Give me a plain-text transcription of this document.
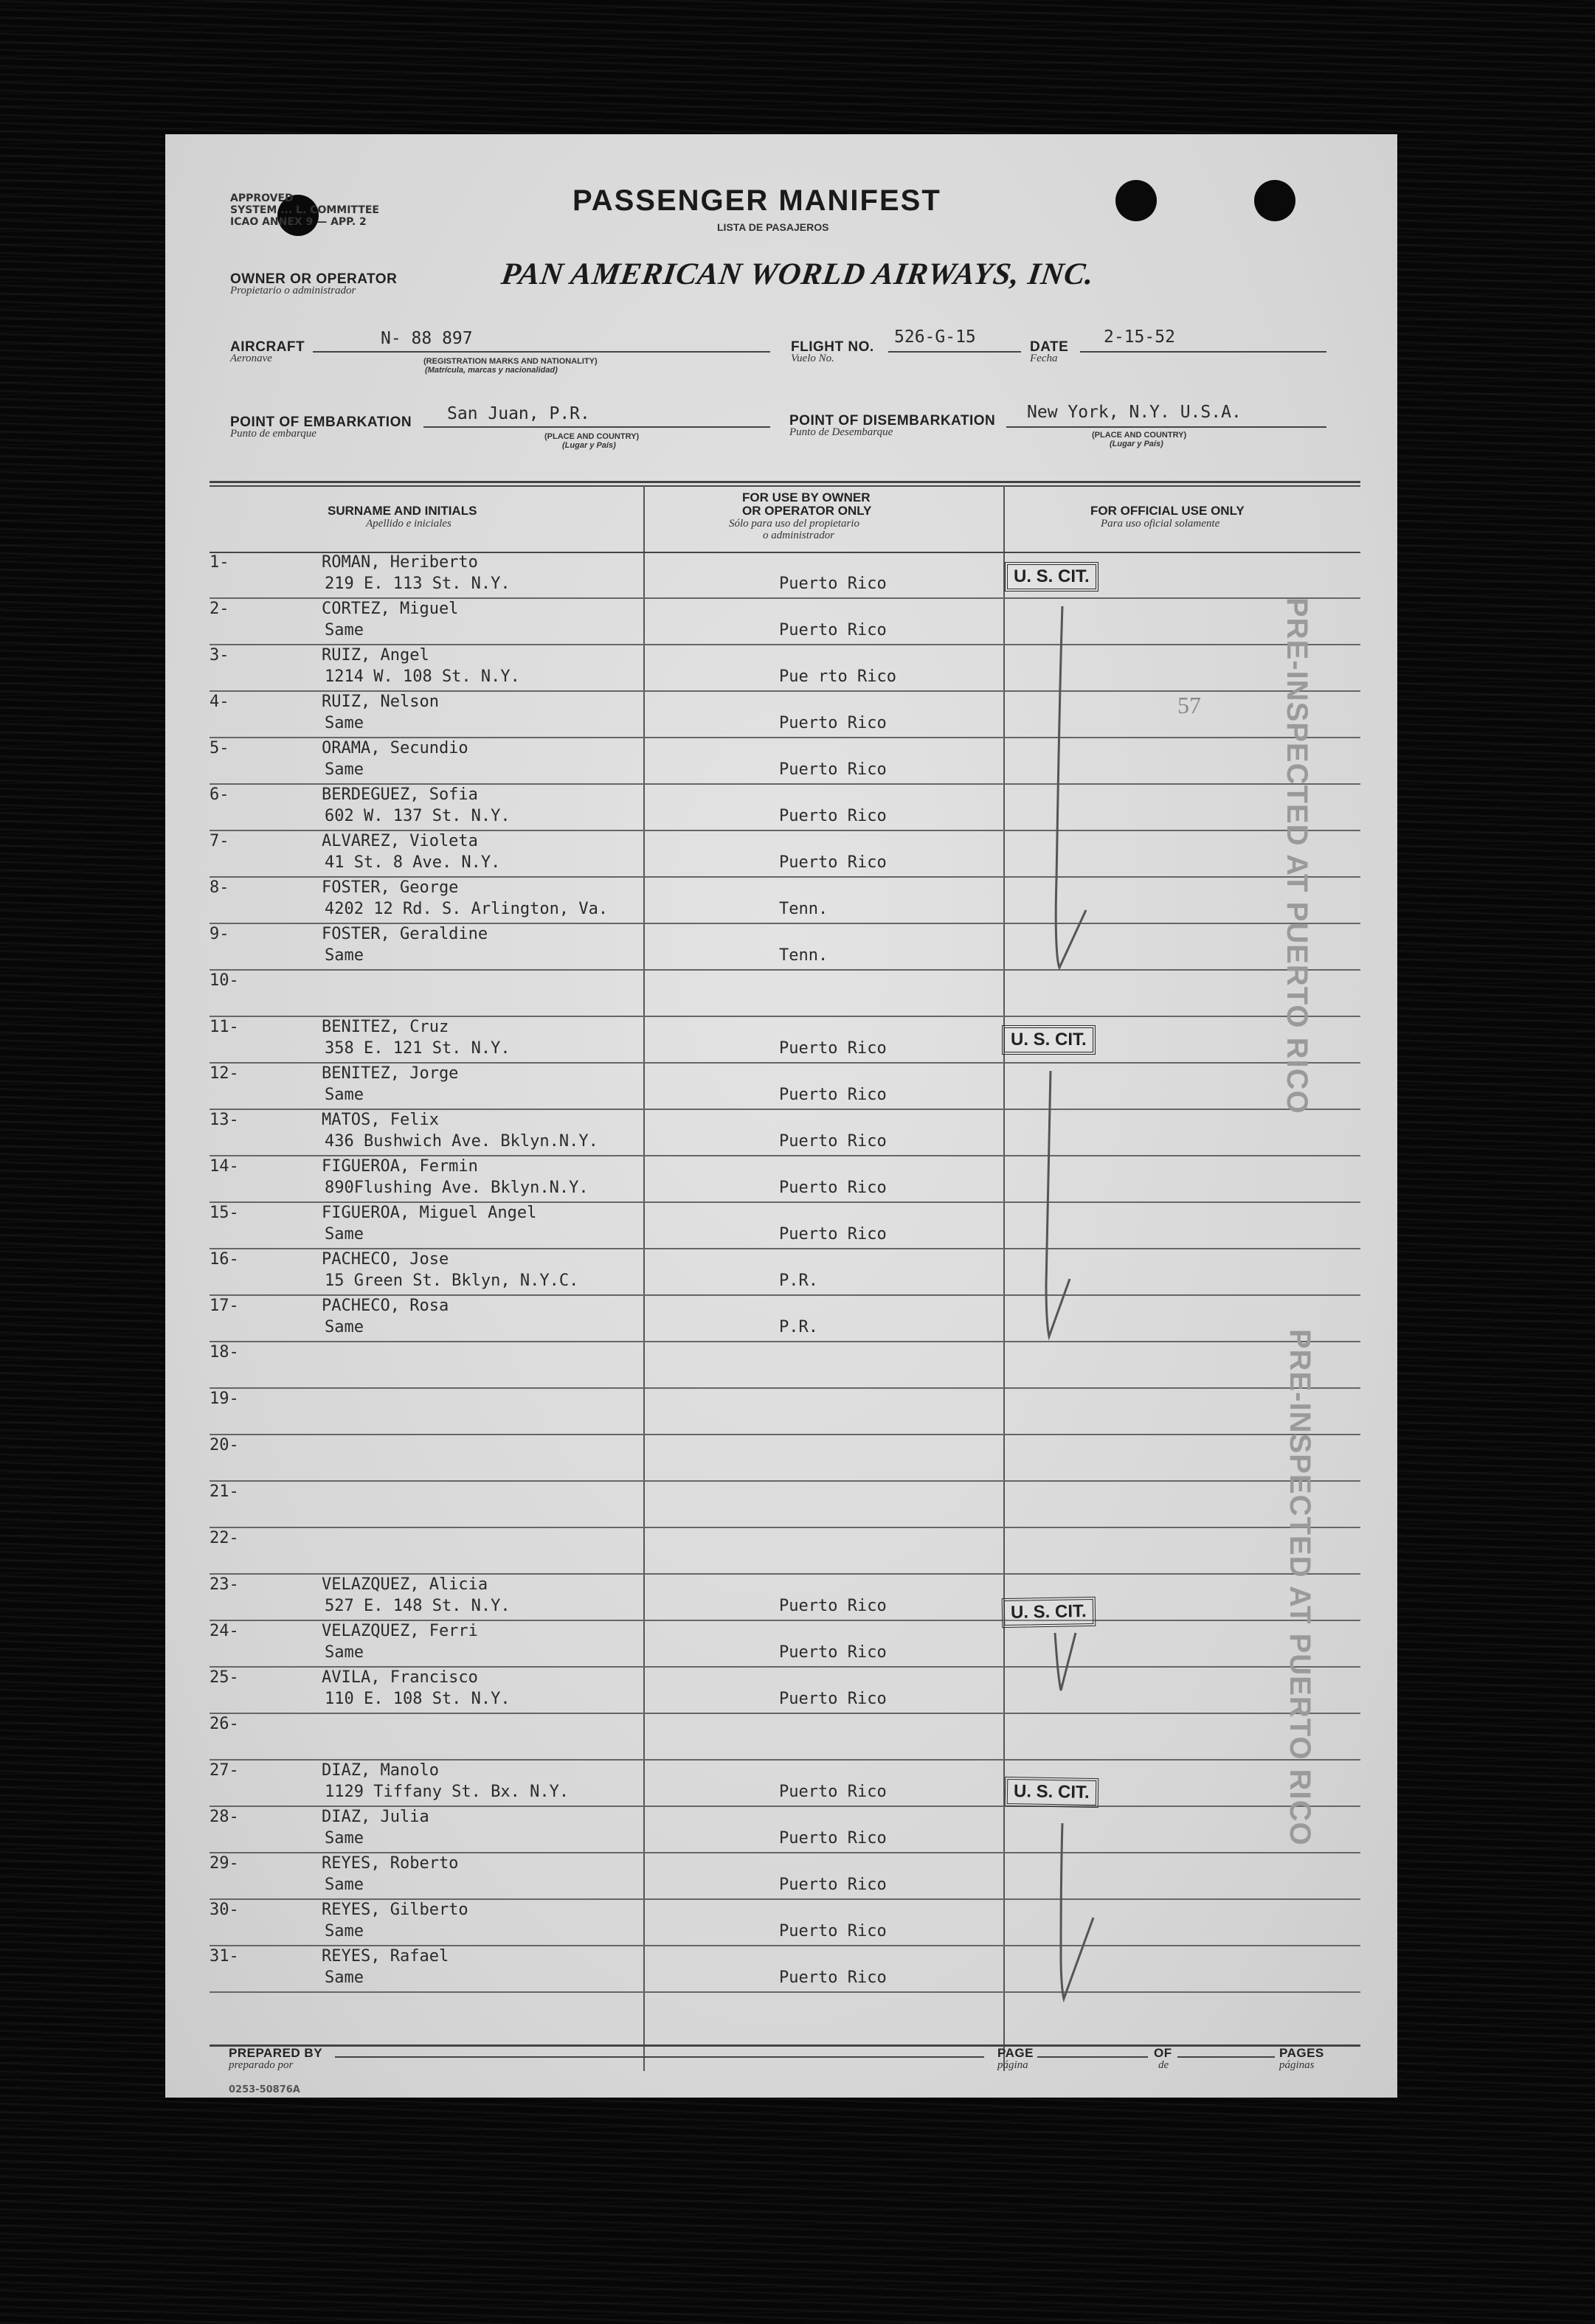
APPROVED
SYSTEM ... L. COMMITTEE
ICAO ANNEX 9 — APP. 2
PASSENGER MANIFEST
LISTA DE PASAJEROS
OWNER OR OPERATOR
Propietario o administrador	PAN AMERICAN WORLD AIRWAYS, INC.
AIRCRAFT
Aeronave
N- 88 897
(REGISTRATION MARKS AND NATIONALITY)
(Matrícula, marcas y nacionalidad)
FLIGHT NO.
Vuelo No.
526-G-15
DATE
Fecha
2-15-52
POINT OF EMBARKATION
Punto de embarque
San Juan, P.R.
(PLACE AND COUNTRY)
(Lugar y País)
POINT OF DISEMBARKATION
Punto de Desembarque
New York, N.Y. U.S.A.
(PLACE AND COUNTRY)
(Lugar y País)
SURNAME AND INITIALS
Apellido e iniciales
FOR USE BY OWNER
OR OPERATOR ONLY
Sólo para uso del propietario
o administrador
FOR OFFICIAL USE ONLY
Para uso oficial solamente
1-	ROMAN, Heriberto
219 E. 113 St. N.Y.	Puerto Rico
2-	CORTEZ, Miguel
Same	Puerto Rico
3-	RUIZ, Angel
1214 W. 108 St. N.Y.	Pue rto Rico
4-	RUIZ, Nelson
Same	Puerto Rico
5-	ORAMA, Secundio
Same	Puerto Rico
6-	BERDEGUEZ, Sofia
602 W. 137 St. N.Y.	Puerto Rico
7-	ALVAREZ, Violeta
41 St. 8 Ave. N.Y.	Puerto Rico
8-	FOSTER, George
4202 12 Rd. S. Arlington, Va.	Tenn.
9-	FOSTER, Geraldine
Same	Tenn.
10-
11-	BENITEZ, Cruz
358 E. 121 St. N.Y.	Puerto Rico
12-	BENITEZ, Jorge
Same	Puerto Rico
13-	MATOS, Felix
436 Bushwich Ave. Bklyn.N.Y.	Puerto Rico
14-	FIGUEROA, Fermin
890Flushing Ave. Bklyn.N.Y.	Puerto Rico
15-	FIGUEROA, Miguel Angel
Same	Puerto Rico
16-	PACHECO, Jose
15 Green St. Bklyn, N.Y.C.	P.R.
17-	PACHECO, Rosa
Same	P.R.
18-
19-
20-
21-
22-
23-	VELAZQUEZ, Alicia
527 E. 148 St. N.Y.	Puerto Rico
24-	VELAZQUEZ, Ferri
Same	Puerto Rico
25-	AVILA, Francisco
110 E. 108 St. N.Y.	Puerto Rico
26-
27-	DIAZ, Manolo
1129 Tiffany St. Bx. N.Y.	Puerto Rico
28-	DIAZ, Julia
Same	Puerto Rico
29-	REYES, Roberto
Same	Puerto Rico
30-	REYES, Gilberto
Same	Puerto Rico
31-	REYES, Rafael
Same	Puerto Rico
U. S. CIT.
U. S. CIT.
U. S. CIT.
U. S. CIT.
PRE-INSPECTED AT PUERTO RICO
PRE-INSPECTED AT PUERTO RICO
57
PREPARED BY
preparado por
PAGE
página
OF
de
PAGES
páginas
0253-50876A
